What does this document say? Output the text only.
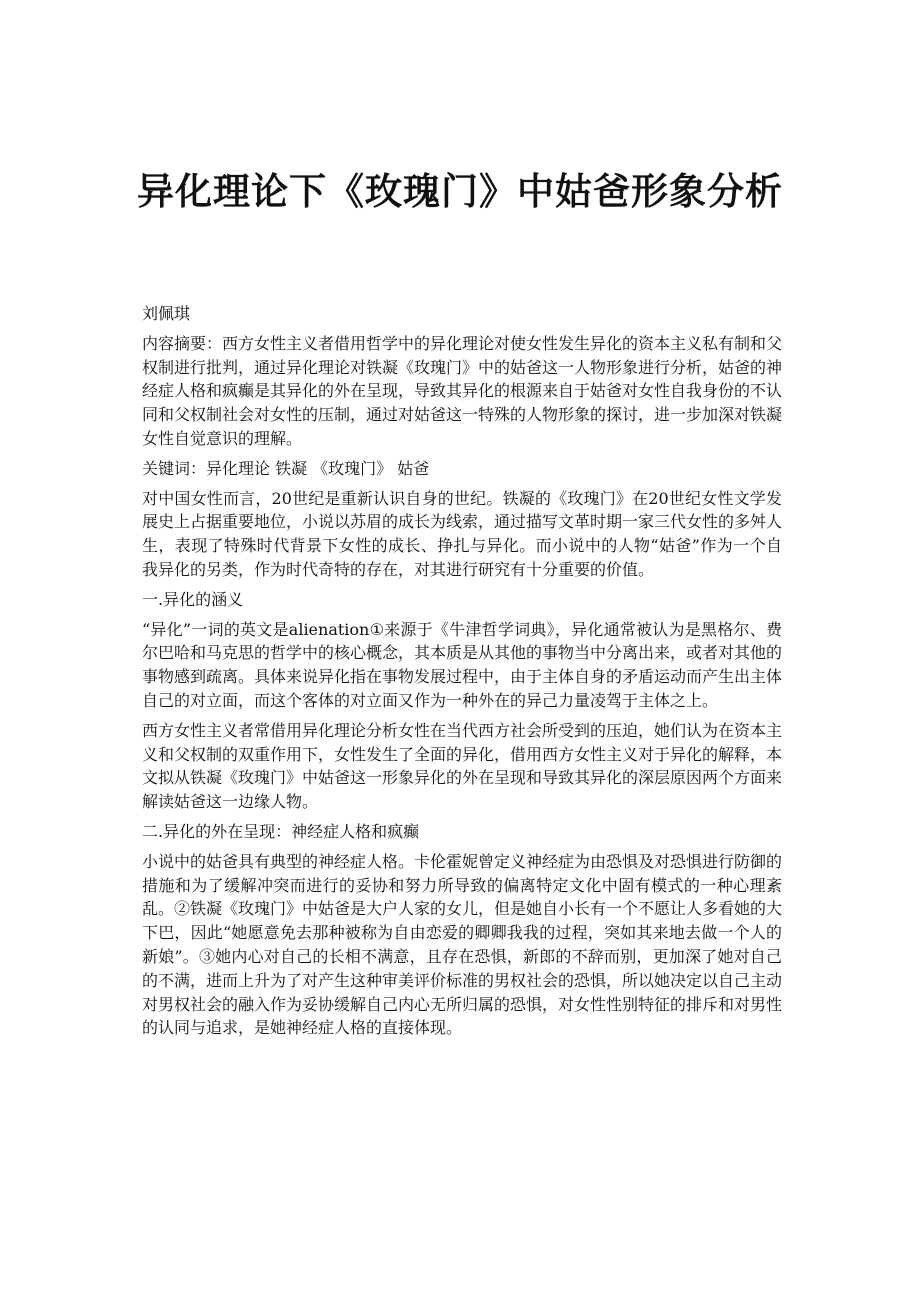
异化理论下《玫瑰门》中姑爸形象分析

刘佩琪

内容摘要：西方女性主义者借用哲学中的异化理论对使女性发生异化的资本主义私有制和父权制进行批判，通过异化理论对铁凝《玫瑰门》中的姑爸这一人物形象进行分析，姑爸的神经症人格和疯癫是其异化的外在呈现，导致其异化的根源来自于姑爸对女性自我身份的不认同和父权制社会对女性的压制，通过对姑爸这一特殊的人物形象的探讨，进一步加深对铁凝女性自觉意识的理解。

关键词：异化理论 铁凝 《玫瑰门》 姑爸

对中国女性而言，20世纪是重新认识自身的世纪。铁凝的《玫瑰门》在20世纪女性文学发展史上占据重要地位，小说以苏眉的成长为线索，通过描写文革时期一家三代女性的多舛人生，表现了特殊时代背景下女性的成长、挣扎与异化。而小说中的人物“姑爸”作为一个自我异化的另类，作为时代奇特的存在，对其进行研究有十分重要的价值。

一.异化的涵义

“异化”一词的英文是alienation①来源于《牛津哲学词典》，异化通常被认为是黑格尔、费尔巴哈和马克思的哲学中的核心概念，其本质是从其他的事物当中分离出来，或者对其他的事物感到疏离。具体来说异化指在事物发展过程中，由于主体自身的矛盾运动而产生出主体自己的对立面，而这个客体的对立面又作为一种外在的异己力量凌驾于主体之上。

西方女性主义者常借用异化理论分析女性在当代西方社会所受到的压迫，她们认为在资本主义和父权制的双重作用下，女性发生了全面的异化，借用西方女性主义对于异化的解释，本文拟从铁凝《玫瑰门》中姑爸这一形象异化的外在呈现和导致其异化的深层原因两个方面来解读姑爸这一边缘人物。

二.异化的外在呈现：神经症人格和疯癫

小说中的姑爸具有典型的神经症人格。卡伦霍妮曾定义神经症为由恐惧及对恐惧进行防御的措施和为了缓解冲突而进行的妥协和努力所导致的偏离特定文化中固有模式的一种心理紊乱。②铁凝《玫瑰门》中姑爸是大户人家的女儿，但是她自小长有一个不愿让人多看她的大下巴，因此“她愿意免去那种被称为自由恋爱的卿卿我我的过程，突如其来地去做一个人的新娘”。③她内心对自己的长相不满意，且存在恐惧，新郎的不辞而别，更加深了她对自己的不满，进而上升为了对产生这种审美评价标准的男权社会的恐惧，所以她决定以自己主动对男权社会的融入作为妥协缓解自己内心无所归属的恐惧，对女性性别特征的排斥和对男性的认同与追求，是她神经症人格的直接体现。
